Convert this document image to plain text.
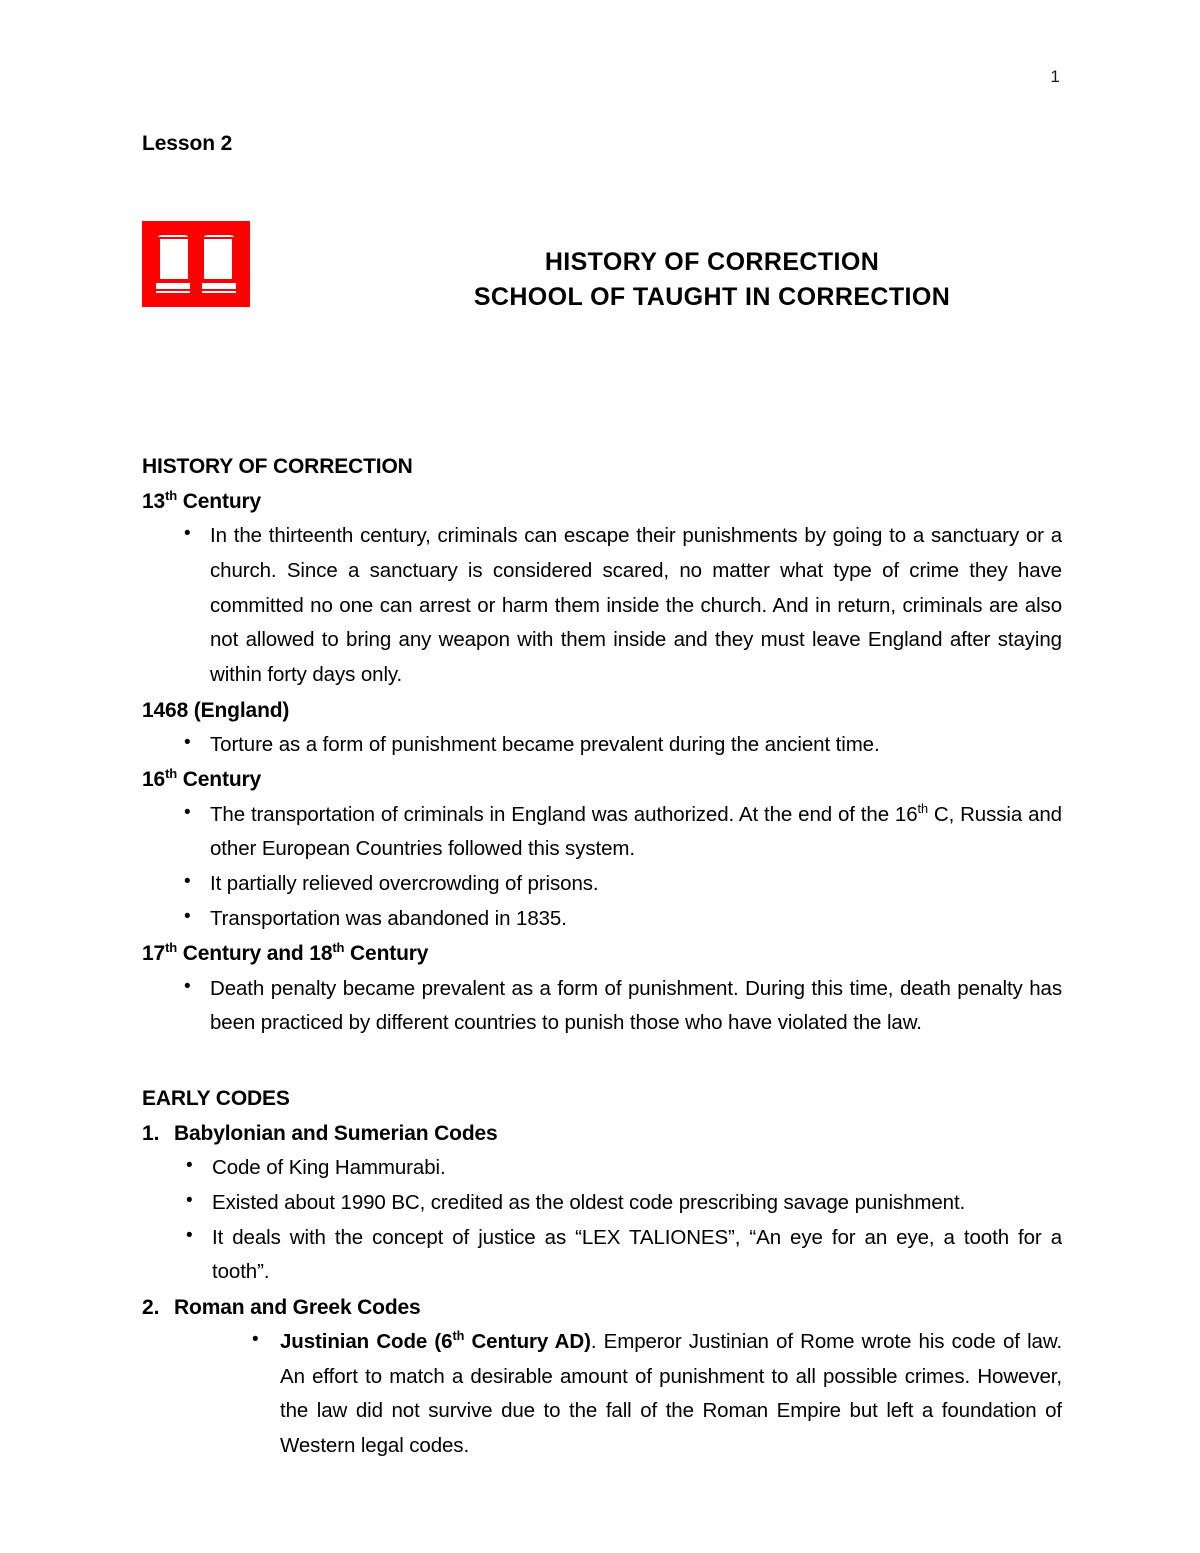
1
Lesson 2
HISTORY OF CORRECTION
SCHOOL OF TAUGHT IN CORRECTION
HISTORY OF CORRECTION
13th Century
• In the thirteenth century, criminals can escape their punishments by going to a sanctuary or a church. Since a sanctuary is considered scared, no matter what type of crime they have committed no one can arrest or harm them inside the church. And in return, criminals are also not allowed to bring any weapon with them inside and they must leave England after staying within forty days only.
1468 (England)
• Torture as a form of punishment became prevalent during the ancient time.
16th Century
• The transportation of criminals in England was authorized. At the end of the 16th C, Russia and other European Countries followed this system.
• It partially relieved overcrowding of prisons.
• Transportation was abandoned in 1835.
17th Century and 18th Century
• Death penalty became prevalent as a form of punishment. During this time, death penalty has been practiced by different countries to punish those who have violated the law.
EARLY CODES
1. Babylonian and Sumerian Codes
• Code of King Hammurabi.
• Existed about 1990 BC, credited as the oldest code prescribing savage punishment.
• It deals with the concept of justice as “LEX TALIONES”, “An eye for an eye, a tooth for a tooth”.
2. Roman and Greek Codes
• Justinian Code (6th Century AD). Emperor Justinian of Rome wrote his code of law. An effort to match a desirable amount of punishment to all possible crimes. However, the law did not survive due to the fall of the Roman Empire but left a foundation of Western legal codes.
